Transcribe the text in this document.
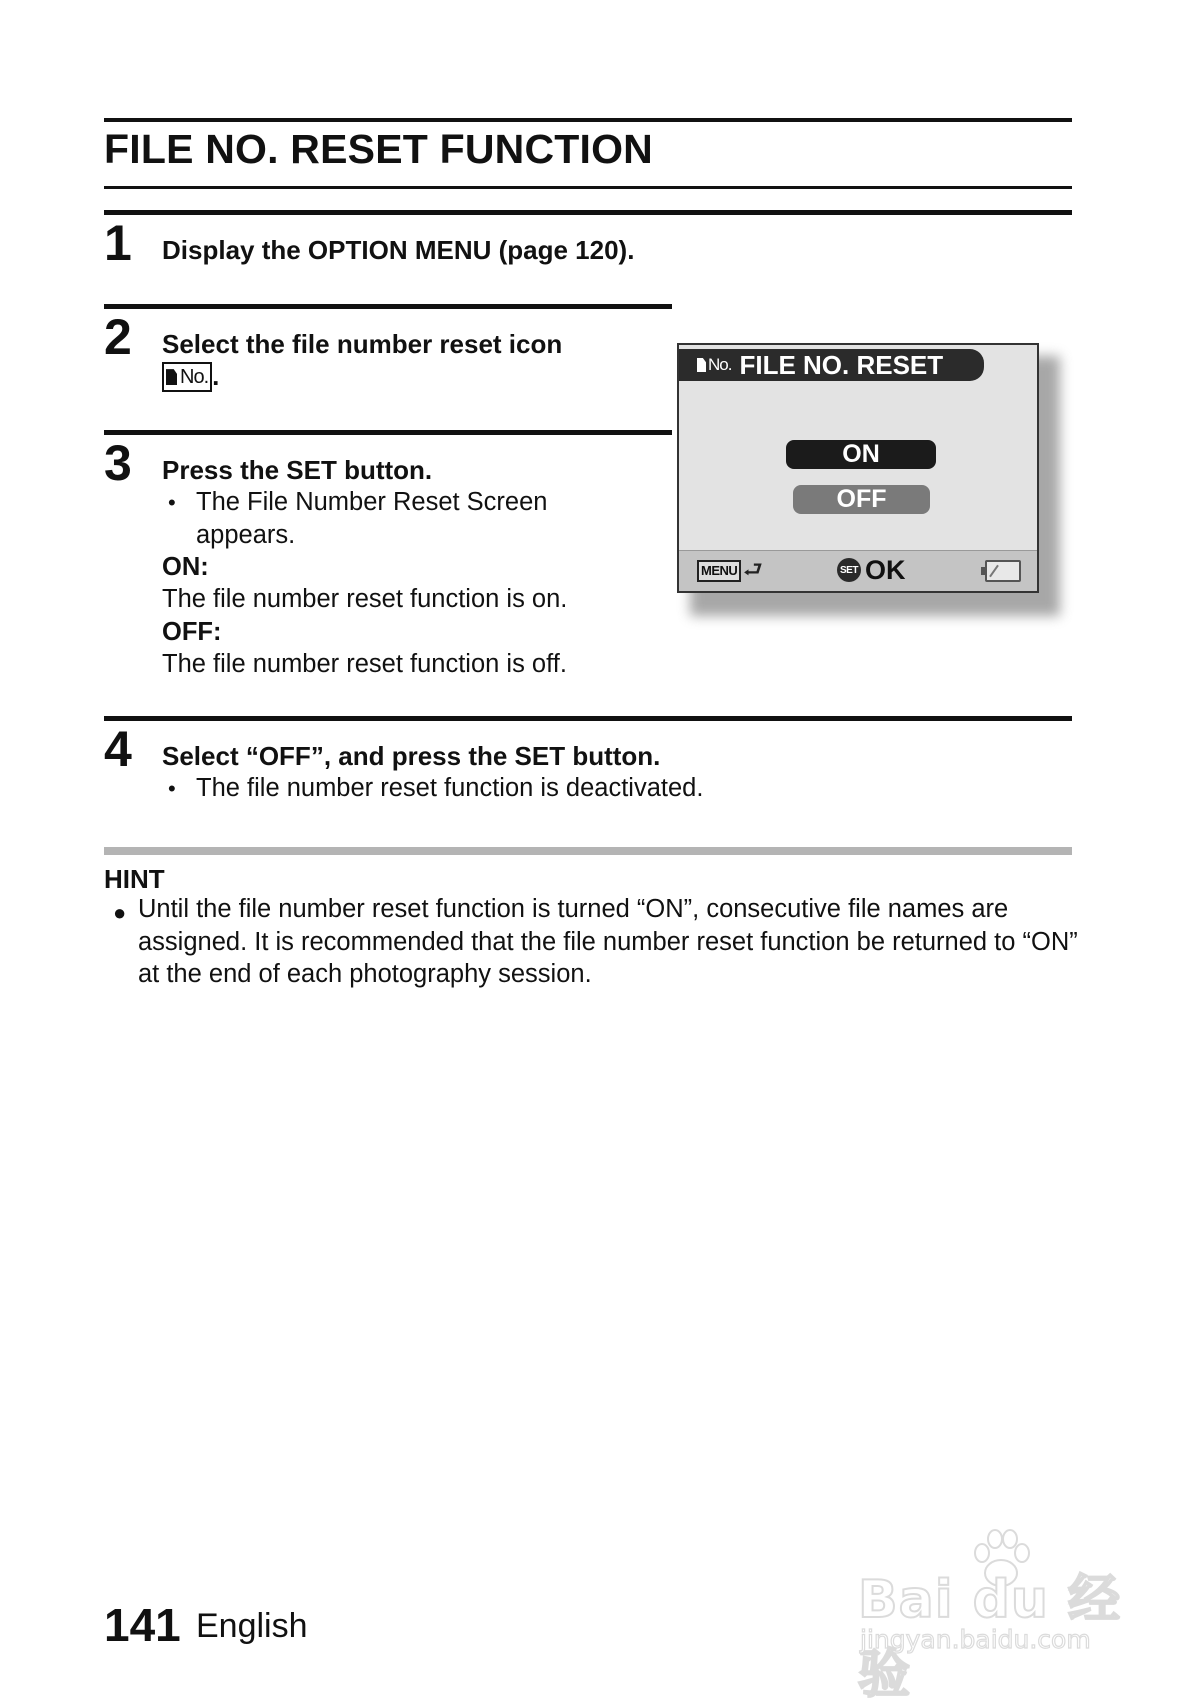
FILE NO. RESET FUNCTION
1 Display the OPTION MENU (page 120).
2 Select the file number reset icon

No. .
3 Press the SET button.
• The File Number Reset Screen appears.
ON:
The file number reset function is on.
OFF:
The file number reset function is off.
No. FILE NO. RESET
ON
OFF
MENU ⮐	SET OK
4 Select “OFF”, and press the SET button.
• The file number reset function is deactivated.
HINT
● Until the file number reset function is turned “ON”, consecutive file names are assigned. It is recommended that the file number reset function be returned to “ON” at the end of each photography session.
141 English	Bai du 经验
jingyan.baidu.com
